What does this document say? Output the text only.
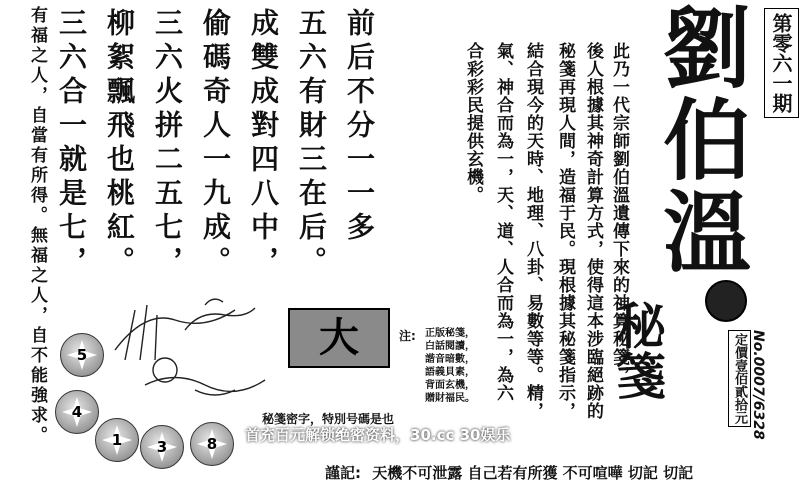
有福之人，自當有所得。無福之人，自不能強求。	前后不分一一多
五六有財三在后。
成雙成對四八中，
偷碼奇人一九成。
三六火拼二五七，
柳絮飄飛也桃紅。
三六合一就是七，
5
4
1	3	8
秘箋密字，特別号碼是也
大	注: 正版秘箋，
白話閱讀，
諧音暗數，
語義貝素，
背面玄機，
贈財福民。
此乃一代宗師劉伯溫遺傳下來的神算秘箋，
後人根據其神奇計算方式，使得這本涉臨絕跡的
秘箋再現人間，造福于民。現根據其秘箋指示，
結合現今的天時、地理、八卦、易數等等。精，
氣、神合而為一，天、道、人合而為一，為六
合彩彩民提供玄機。 劉伯溫
秘箋
第零六一期
No.0007/6328
定價壹佰貳拾元
首充百元解锁绝密资料，30.cc 30娱乐
謹記: 天機不可泄露 自己若有所獲 不可喧嘩 切記 切記
